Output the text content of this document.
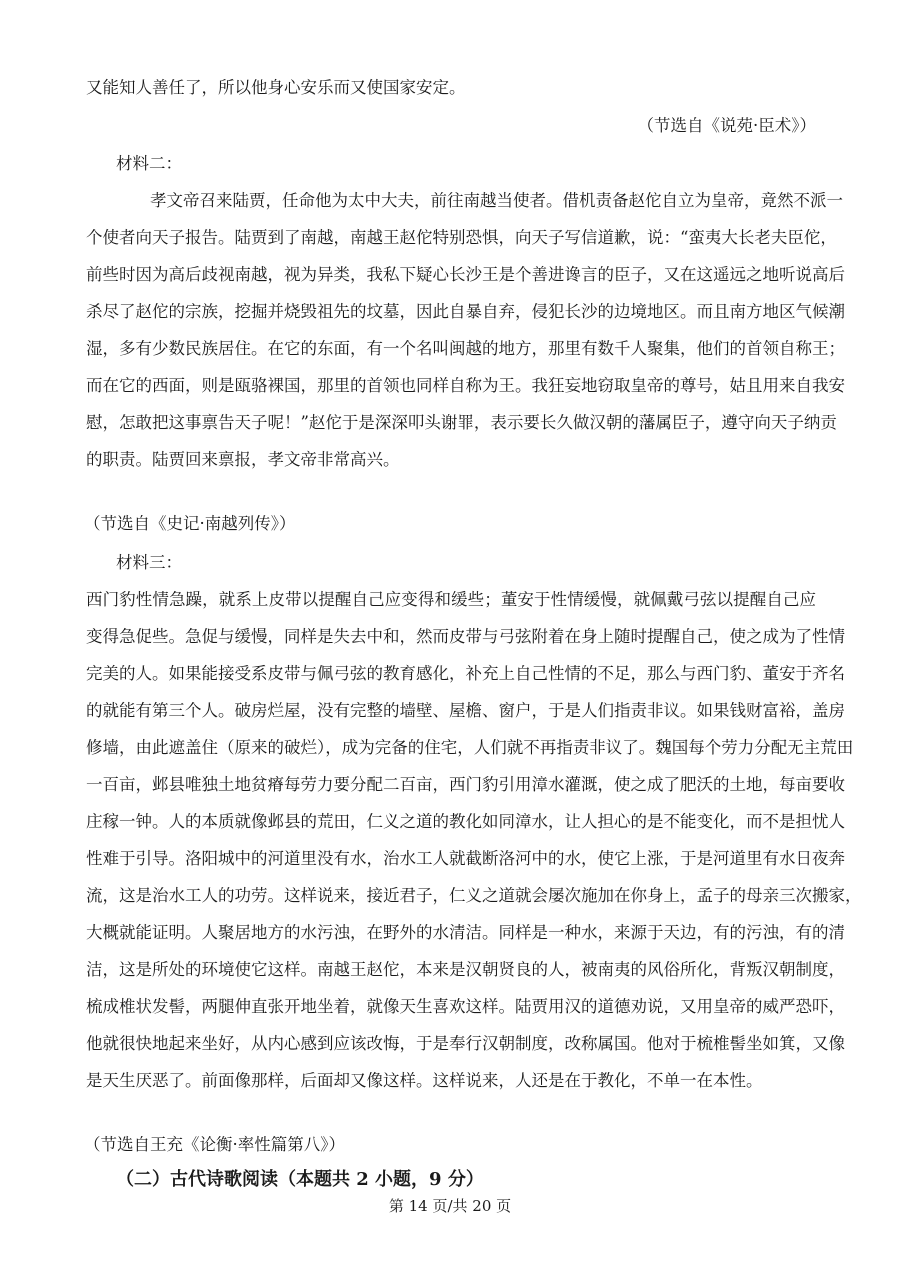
又能知人善任了，所以他身心安乐而又使国家安定。
（节选自《说苑·臣术》）
材料二：
孝文帝召来陆贾，任命他为太中大夫，前往南越当使者。借机责备赵佗自立为皇帝，竟然不派一
个使者向天子报告。陆贾到了南越，南越王赵佗特别恐惧，向天子写信道歉，说：“蛮夷大长老夫臣佗，
前些时因为高后歧视南越，视为异类，我私下疑心长沙王是个善进谗言的臣子，又在这遥远之地听说高后
杀尽了赵佗的宗族，挖掘并烧毁祖先的坟墓，因此自暴自弃，侵犯长沙的边境地区。而且南方地区气候潮
湿，多有少数民族居住。在它的东面，有一个名叫闽越的地方，那里有数千人聚集，他们的首领自称王；
而在它的西面，则是瓯骆裸国，那里的首领也同样自称为王。我狂妄地窃取皇帝的尊号，姑且用来自我安
慰，怎敢把这事禀告天子呢！”赵佗于是深深叩头谢罪，表示要长久做汉朝的藩属臣子，遵守向天子纳贡
的职责。陆贾回来禀报，孝文帝非常高兴。
（节选自《史记·南越列传》）
材料三：
西门豹性情急躁，就系上皮带以提醒自己应变得和缓些；董安于性情缓慢，就佩戴弓弦以提醒自己应
变得急促些。急促与缓慢，同样是失去中和，然而皮带与弓弦附着在身上随时提醒自己，使之成为了性情
完美的人。如果能接受系皮带与佩弓弦的教育感化，补充上自己性情的不足，那么与西门豹、董安于齐名
的就能有第三个人。破房烂屋，没有完整的墙壁、屋檐、窗户，于是人们指责非议。如果钱财富裕，盖房
修墙，由此遮盖住（原来的破烂），成为完备的住宅，人们就不再指责非议了。魏国每个劳力分配无主荒田
一百亩，邺县唯独土地贫瘠每劳力要分配二百亩，西门豹引用漳水灌溉，使之成了肥沃的土地，每亩要收
庄稼一钟。人的本质就像邺县的荒田，仁义之道的教化如同漳水，让人担心的是不能变化，而不是担忧人
性难于引导。洛阳城中的河道里没有水，治水工人就截断洛河中的水，使它上涨，于是河道里有水日夜奔
流，这是治水工人的功劳。这样说来，接近君子，仁义之道就会屡次施加在你身上，孟子的母亲三次搬家，
大概就能证明。人聚居地方的水污浊，在野外的水清洁。同样是一种水，来源于天边，有的污浊，有的清
洁，这是所处的环境使它这样。南越王赵佗，本来是汉朝贤良的人，被南夷的风俗所化，背叛汉朝制度，
梳成椎状发髻，两腿伸直张开地坐着，就像天生喜欢这样。陆贾用汉的道德劝说，又用皇帝的威严恐吓，
他就很快地起来坐好，从内心感到应该改悔，于是奉行汉朝制度，改称属国。他对于梳椎髻坐如箕，又像
是天生厌恶了。前面像那样，后面却又像这样。这样说来，人还是在于教化，不单一在本性。
（节选自王充《论衡·率性篇第八》）
（二）古代诗歌阅读（本题共 2 小题，9 分）
第 14 页/共 20 页
